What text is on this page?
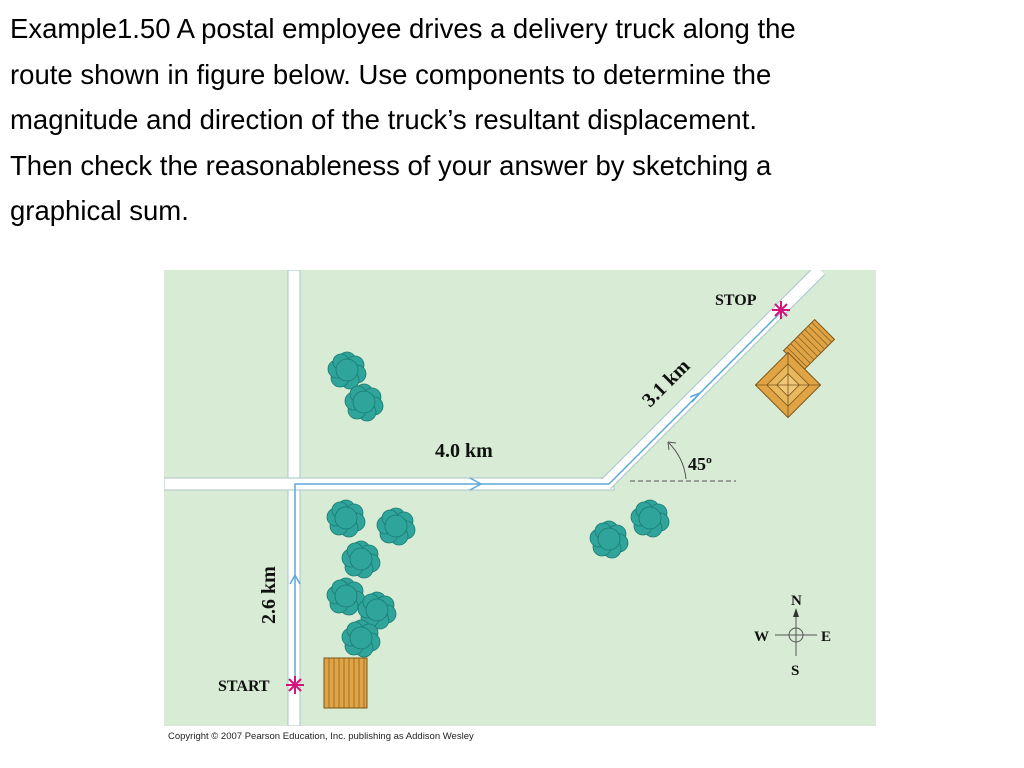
Example1.50 A postal employee drives a delivery truck along the
route shown in figure below. Use components to determine the
magnitude and direction of the truck’s resultant displacement.
Then check the reasonableness of your answer by sketching a
graphical sum.
45º
START
STOP
4.0 km
2.6 km
3.1 km
N
S
W	E
Copyright © 2007 Pearson Education, Inc. publishing as Addison Wesley
